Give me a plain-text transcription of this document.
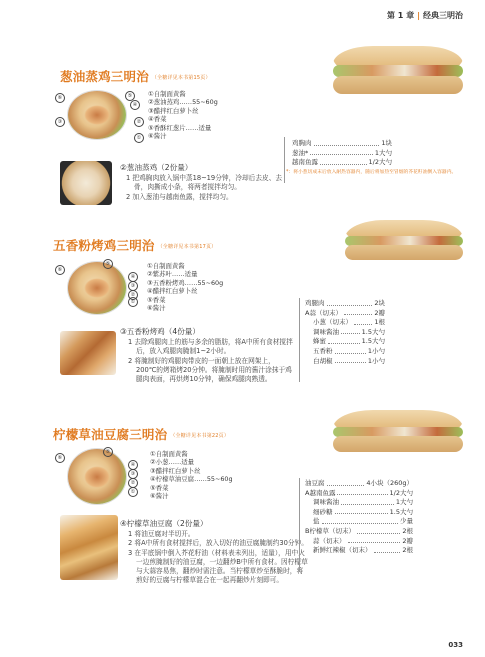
第 1 章 | 经典三明治
葱油蒸鸡三明治 （全糖详见本书第15页）
⑥	⑤
④
③	②
①
①自制面黄酱
②葱油蒸鸡……55~60g
③醋拌红白萝卜丝
④香菜
⑤香酥红葱片……适量
⑥酱汁
②葱油蒸鸡（2份量）

1 把鸡胸肉放入锅中蒸18~19分钟，冷却后去皮、去骨，肉撕成小条，将两者搅拌均匀。

2 加入葱油与越南鱼露，搅拌均匀。

鸡胸肉	1块
葱油*	1大勺
越南鱼露	1/2大勺
*：将小葱切成末后放入耐热容器内，随后将加热至冒烟的芥花籽油倒入容器内。
五香粉烤鸡三明治 （全糖详见本书第17页）
⑥
⑤
④
③
②
①
①自制面黄酱
②紫苏叶……适量
③五香粉烤鸡……55~60g
④醋拌红白萝卜丝
⑤香菜
⑥酱汁
③五香粉烤鸡（4份量）

1 去除鸡腿肉上的筋与多余的脂肪，将A中所有食材搅拌后，放入鸡腿肉腌制1~2小时。

2 将腌制好的鸡腿肉带皮的一面朝上放在网架上，200℃的烤箱烤20分钟。将腌制时用的酱汁涂抹于鸡腿肉表面，再烘烤10分钟，确保鸡腿肉熟透。

鸡腿肉	2块
A蒜（切末）	2瓣
小葱（切末）	1根
调味酱油	1.5大勺
蜂蜜	1.5大勺
五香粉	1小勺
白胡椒	1小勺
柠檬草油豆腐三明治 （全糖详见本书第22页）
⑥
⑤
④
③
②
①
①自制面黄酱
②小葱……适量
③醋拌红白萝卜丝
④柠檬草油豆腐……55~60g
⑤香菜
⑥酱汁
④柠檬草油豆腐（2份量）

1 将油豆腐对半切开。

2 将A中所有食材搅拌后，放入切好的油豆腐腌制约30分钟。

3 在平底锅中倒入芥花籽油（材料表未列出，适量），用中火一边煎腌制好的油豆腐，一边翻炒B中所有食材。因柠檬草与大蒜容易焦，翻炒时需注意。当柠檬草炒至酥脆时，将煎好的豆腐与柠檬草混合在一起再翻炒片刻即可。

油豆腐	4小块（260g）
A越南鱼露	1/2大勺
调味酱油	1大勺
细砂糖	1.5大勺
盐	少量
B柠檬草（切末）	2根
蒜（切末）	2瓣
新鲜红辣椒（切末）	2根
033
